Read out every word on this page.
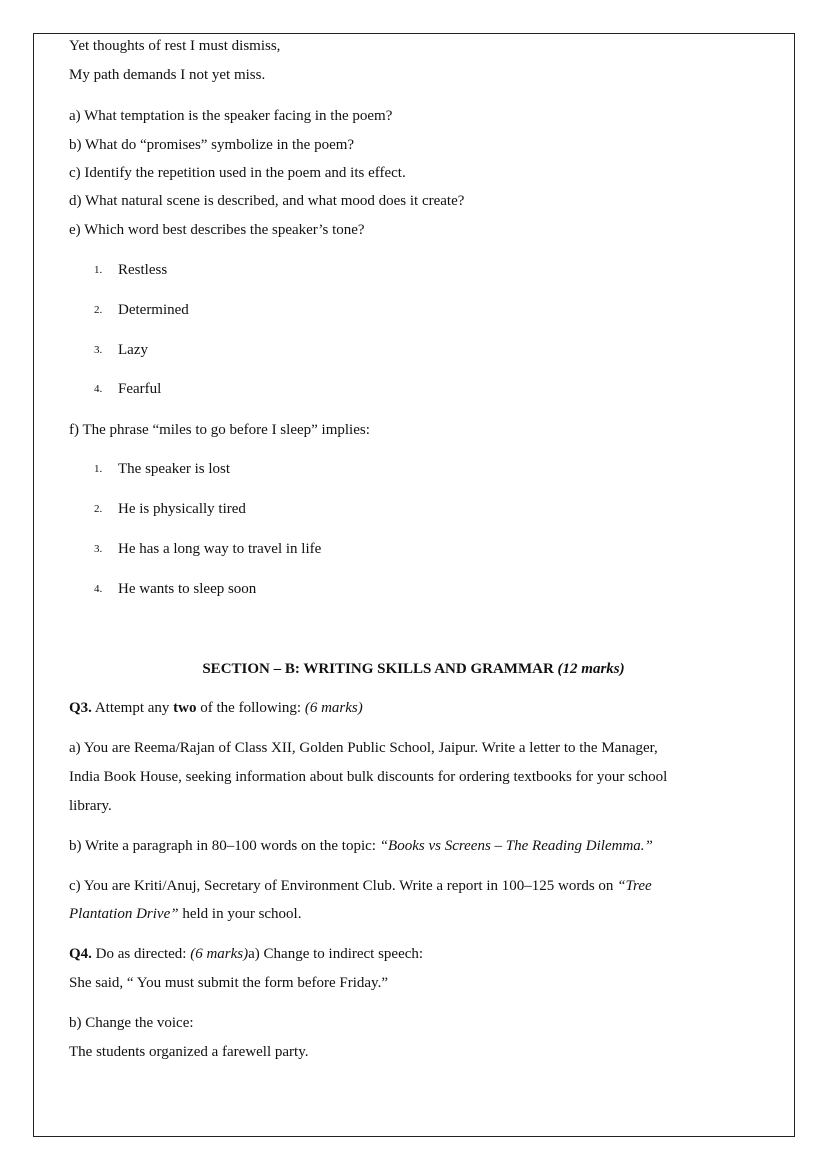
Yet thoughts of rest I must dismiss,
My path demands I not yet miss.
a) What temptation is the speaker facing in the poem?
b) What do “promises” symbolize in the poem?
c) Identify the repetition used in the poem and its effect.
d) What natural scene is described, and what mood does it create?
e) Which word best describes the speaker’s tone?
1. Restless
2. Determined
3. Lazy
4. Fearful
f) The phrase “miles to go before I sleep” implies:
1. The speaker is lost
2. He is physically tired
3. He has a long way to travel in life
4. He wants to sleep soon
SECTION – B: WRITING SKILLS AND GRAMMAR (12 marks)
Q3. Attempt any two of the following: (6 marks)
a) You are Reema/Rajan of Class XII, Golden Public School, Jaipur. Write a letter to the Manager,
India Book House, seeking information about bulk discounts for ordering textbooks for your school
library.
b) Write a paragraph in 80–100 words on the topic: “Books vs Screens – The Reading Dilemma.”
c) You are Kriti/Anuj, Secretary of Environment Club. Write a report in 100–125 words on “Tree
Plantation Drive” held in your school.
Q4. Do as directed: (6 marks)a) Change to indirect speech:
She said, “ You must submit the form before Friday.”
b) Change the voice:
The students organized a farewell party.
